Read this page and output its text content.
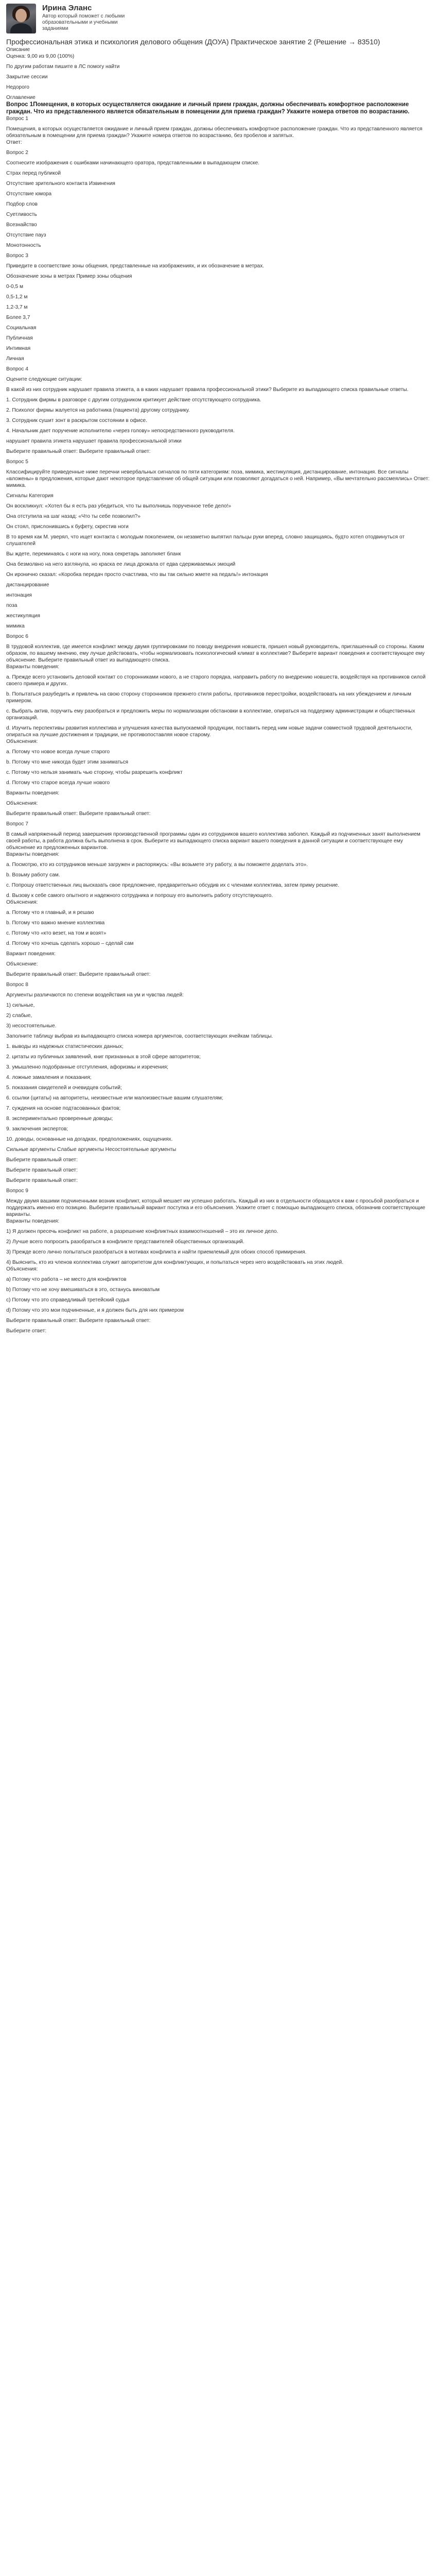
Ирина Эланс

Автор который поможет с любыми образовательными и учебными заданиями

Профессиональная этика и психология делового общения (ДОУА) Практическое занятие 2 (Решение → 83510)

Описание

Оценка: 9,00 из 9,00 (100%)

По другим работам пишите в ЛС помогу найти

Закрытие сессии

Недорого

Оглавление

Вопрос 1Помещения, в которых осуществляется ожидание и личный прием граждан, должны обеспечивать комфортное расположение граждан. Что из представленного является обязательным в помещении для приема граждан? Укажите номера ответов по возрастанию.

Вопрос 1

Помещения, в которых осуществляется ожидание и личный прием граждан, должны обеспечивать комфортное расположение граждан. Что из представленного является обязательным в помещении для приема граждан? Укажите номера ответов по возрастанию, без пробелов и запятых.

Ответ:

Вопрос 2

Соотнесите изображения с ошибками начинающего оратора, представленными в выпадающем списке.

Страх перед публикой

Отсутствие зрительного контакта Извинения

Отсутствие юмора

Подбор слов

Суетливость

Всезнайство

Отсутствие пауз

Монотонность

Вопрос 3

Приведите в соответствие зоны общения, представленные на изображениях, и их обозначение в метрах.

Обозначение зоны в метрах Пример зоны общения

0-0,5 м

0,5-1,2 м

1,2-3,7 м

Более 3,7

Социальная

Публичная

Интимная

Личная

Вопрос 4

Оцените следующие ситуации:

В какой из них сотрудник нарушает правила этикета, а в каких нарушает правила профессиональной этики? Выберите из выпадающего списка правильные ответы.

1. Сотрудник фирмы в разговоре с другим сотрудником критикует действие отсутствующего сотрудника.

2. Психолог фирмы жалуется на работника (пациента) другому сотруднику.

3. Сотрудник сушит зонт в раскрытом состоянии в офисе.

4. Начальник дает поручение исполнителю «через голову» непосредственного руководителя.

нарушает правила этикета нарушает правила профессиональной этики

Выберите правильный ответ: Выберите правильный ответ:

Вопрос 5

Классифицируйте приведенные ниже перечни невербальных сигналов по пяти категориям: поза, мимика, жестикуляция, дистанцирование, интонация. Все сигналы «вложены» в предложения, которые дают некоторое представление об общей ситуации или позволяют догадаться о ней. Например, «Вы мечтательно рассмеялись» Ответ: мимика.

Сигналы Категория

Он воскликнул: «Хотел бы я есть раз убедиться, что ты выполнишь порученное тебе дело!»

Она отступила на шаг назад: «Что ты себе позволил?»

Он стоял, прислонившись к буфету, скрестив ноги

В то время как М. уверял, что ищет контакта с молодым поколением, он незаметно выпятил пальцы руки вперед, словно защищаясь, будто хотел отодвинуться от слушателей

Вы ждете, переминаясь с ноги на ногу, пока секретарь заполняет бланк

Она безмолвно на него взглянула, но краска ее лица дрожала от едва сдерживаемых эмоций

Он иронично сказал: «Коробка передач просто счастлива, что вы так сильно жмете на педаль!» интонация

дистанцирование

интонация

поза

жестикуляция

мимика

Вопрос 6

В трудовой коллектив, где имеется конфликт между двумя группировками по поводу внедрения новшеств, пришел новый руководитель, приглашенный со стороны. Каким образом, по вашему мнению, ему лучше действовать, чтобы нормализовать психологический климат в коллективе? Выберите вариант поведения и соответствующее ему объяснение. Выберите правильный ответ из выпадающего списка.

Варианты поведения:

a. Прежде всего установить деловой контакт со сторонниками нового, а не старого порядка, направить работу по внедрению новшеств, воздействуя на противников силой своего примера и других.

b. Попытаться разубедить и привлечь на свою сторону сторонников прежнего стиля работы, противников перестройки, воздействовать на них убеждением и личным примером.

c. Выбрать актив, поручить ему разобраться и предложить меры по нормализации обстановки в коллективе, опираться на поддержку администрации и общественных организаций.

d. Изучить перспективы развития коллектива и улучшения качества выпускаемой продукции, поставить перед ним новые задачи совместной трудовой деятельности, опираться на лучшие достижения и традиции, не противопоставляя новое старому.

Объяснения:

a. Потому что новое всегда лучше старого

b. Потому что мне никогда будет этим заниматься

c. Потому что нельзя занимать чью сторону, чтобы разрешить конфликт

d. Потому что старое всегда лучше нового

Варианты поведения:

Объяснения:

Выберите правильный ответ: Выберите правильный ответ:

Вопрос 7

В самый напряженный период завершения производственной программы один из сотрудников вашего коллектива заболел. Каждый из подчиненных занят выполнением своей работы, а работа должна быть выполнена в срок. Выберите из выпадающего списка вариант вашего поведения в данной ситуации и соответствующее ему объяснение из предложенных вариантов.

Варианты поведения:

a. Посмотрю, кто из сотрудников меньше загружен и распоряжусь: «Вы возьмете эту работу, а вы поможете доделать это».

b. Возьму работу сам.

c. Попрошу ответственных лиц высказать свое предложение, предварительно обсудив их с членами коллектива, затем приму решение.

d. Вызову к себе самого опытного и надежного сотрудника и попрошу его выполнить работу отсутствующего.

Объяснения:

a. Потому что я главный, и я решаю

b. Потому что важно мнение коллектива

c. Потому что «кто везет, на том и возят»

d. Потому что хочешь сделать хорошо – сделай сам

Вариант поведения:

Объяснение:

Выберите правильный ответ: Выберите правильный ответ:

Вопрос 8

Аргументы различаются по степени воздействия на ум и чувства людей:

1) сильные,

2) слабые,

3) несостоятельные.

Заполните таблицу выбрав из выпадающего списка номера аргументов, соответствующих ячейкам таблицы.

1. выводы из надежных статистических данных;

2. цитаты из публичных заявлений, книг признанных в этой сфере авторитетов;

3. умышленно подобранные отступления, афоризмы и изречения;

4. ложные замаления и показания;

5. показания свидетелей и очевидцев событий;

6. ссылки (цитаты) на авторитеты, неизвестные или малоизвестные вашим слушателям;

7. суждения на основе подтасованных фактов;

8. экспериментально проверенные доводы;

9. заключения экспертов;

10. доводы, основанные на догадках, предположениях, ощущениях.

Сильные аргументы Слабые аргументы Несостоятельные аргументы

Выберите правильный ответ:

Выберите правильный ответ:

Выберите правильный ответ:

Вопрос 9

Между двумя вашими подчиненными возник конфликт, который мешает им успешно работать. Каждый из них в отдельности обращался к вам с просьбой разобраться и поддержать именно его позицию. Выберите правильный вариант поступка и его объяснения. Укажите ответ с помощью выпадающего списка, обозначив соответствующие варианты.

Варианты поведения:

1) Я должен пресечь конфликт на работе, а разрешение конфликтных взаимоотношений – это их личное дело.

2) Лучше всего попросить разобраться в конфликте представителей общественных организаций.

3) Прежде всего лично попытаться разобраться в мотивах конфликта и найти приемлемый для обоих способ примирения.

4) Выяснить, кто из членов коллектива служит авторитетом для конфликтующих, и попытаться через него воздействовать на этих людей.

Объяснения:

a) Потому что работа – не место для конфликтов

b) Потому что не хочу вмешиваться в это, останусь виноватым

c) Потому что это справедливый третейский судья

d) Потому что это мои подчиненные, и я должен быть для них примером

Выберите правильный ответ: Выберите правильный ответ:

Выберите ответ:
